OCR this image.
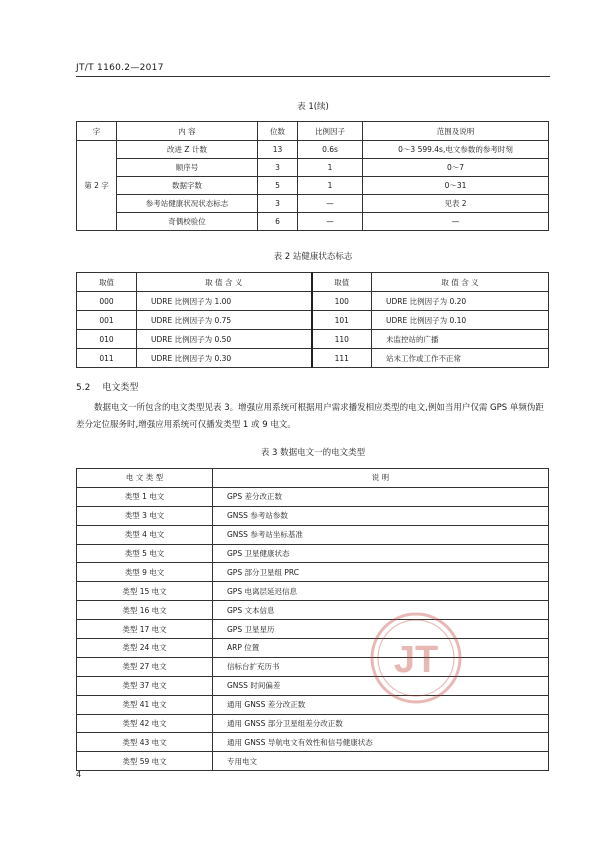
JT/T 1160.2—2017
表 1(续)
字	内 容	位数	比例因子	范围及说明
第 2 字	改进 Z 计数	13	0.6s	0～3 599.4s,电文参数的参考时刻
	顺序号	3	1	0～7
	数据字数	5	1	0～31
	参考站健康状况状态标志	3	—	见表 2
	奇偶校验位	6	—	—
表 2 站健康状态标志
取值	取 值 含 义	取值	取 值 含 义
000	UDRE 比例因子为 1.00	100	UDRE 比例因子为 0.20
001	UDRE 比例因子为 0.75	101	UDRE 比例因子为 0.10
010	UDRE 比例因子为 0.50	110	未监控站的广播
011	UDRE 比例因子为 0.30	111	站未工作或工作不正常
5.2 电文类型
数据电文一所包含的电文类型见表 3。增强应用系统可根据用户需求播发相应类型的电文,例如当用户仅需 GPS 单频伪距差分定位服务时,增强应用系统可仅播发类型 1 或 9 电文。
表 3 数据电文一的电文类型
电 文 类 型	说 明
类型 1 电文	GPS 差分改正数
类型 3 电文	GNSS 参考站参数
类型 4 电文	GNSS 参考站坐标基准
类型 5 电文	GPS 卫星健康状态
类型 9 电文	GPS 部分卫星组 PRC
类型 15 电文	GPS 电离层延迟信息
类型 16 电文	GPS 文本信息
类型 17 电文	GPS 卫星星历
类型 24 电文	ARP 位置
类型 27 电文	信标台扩充历书
类型 37 电文	GNSS 时间偏差
类型 41 电文	通用 GNSS 差分改正数
类型 42 电文	通用 GNSS 部分卫星组差分改正数
类型 43 电文	通用 GNSS 导航电文有效性和信号健康状态
类型 59 电文	专用电文
JT
4
